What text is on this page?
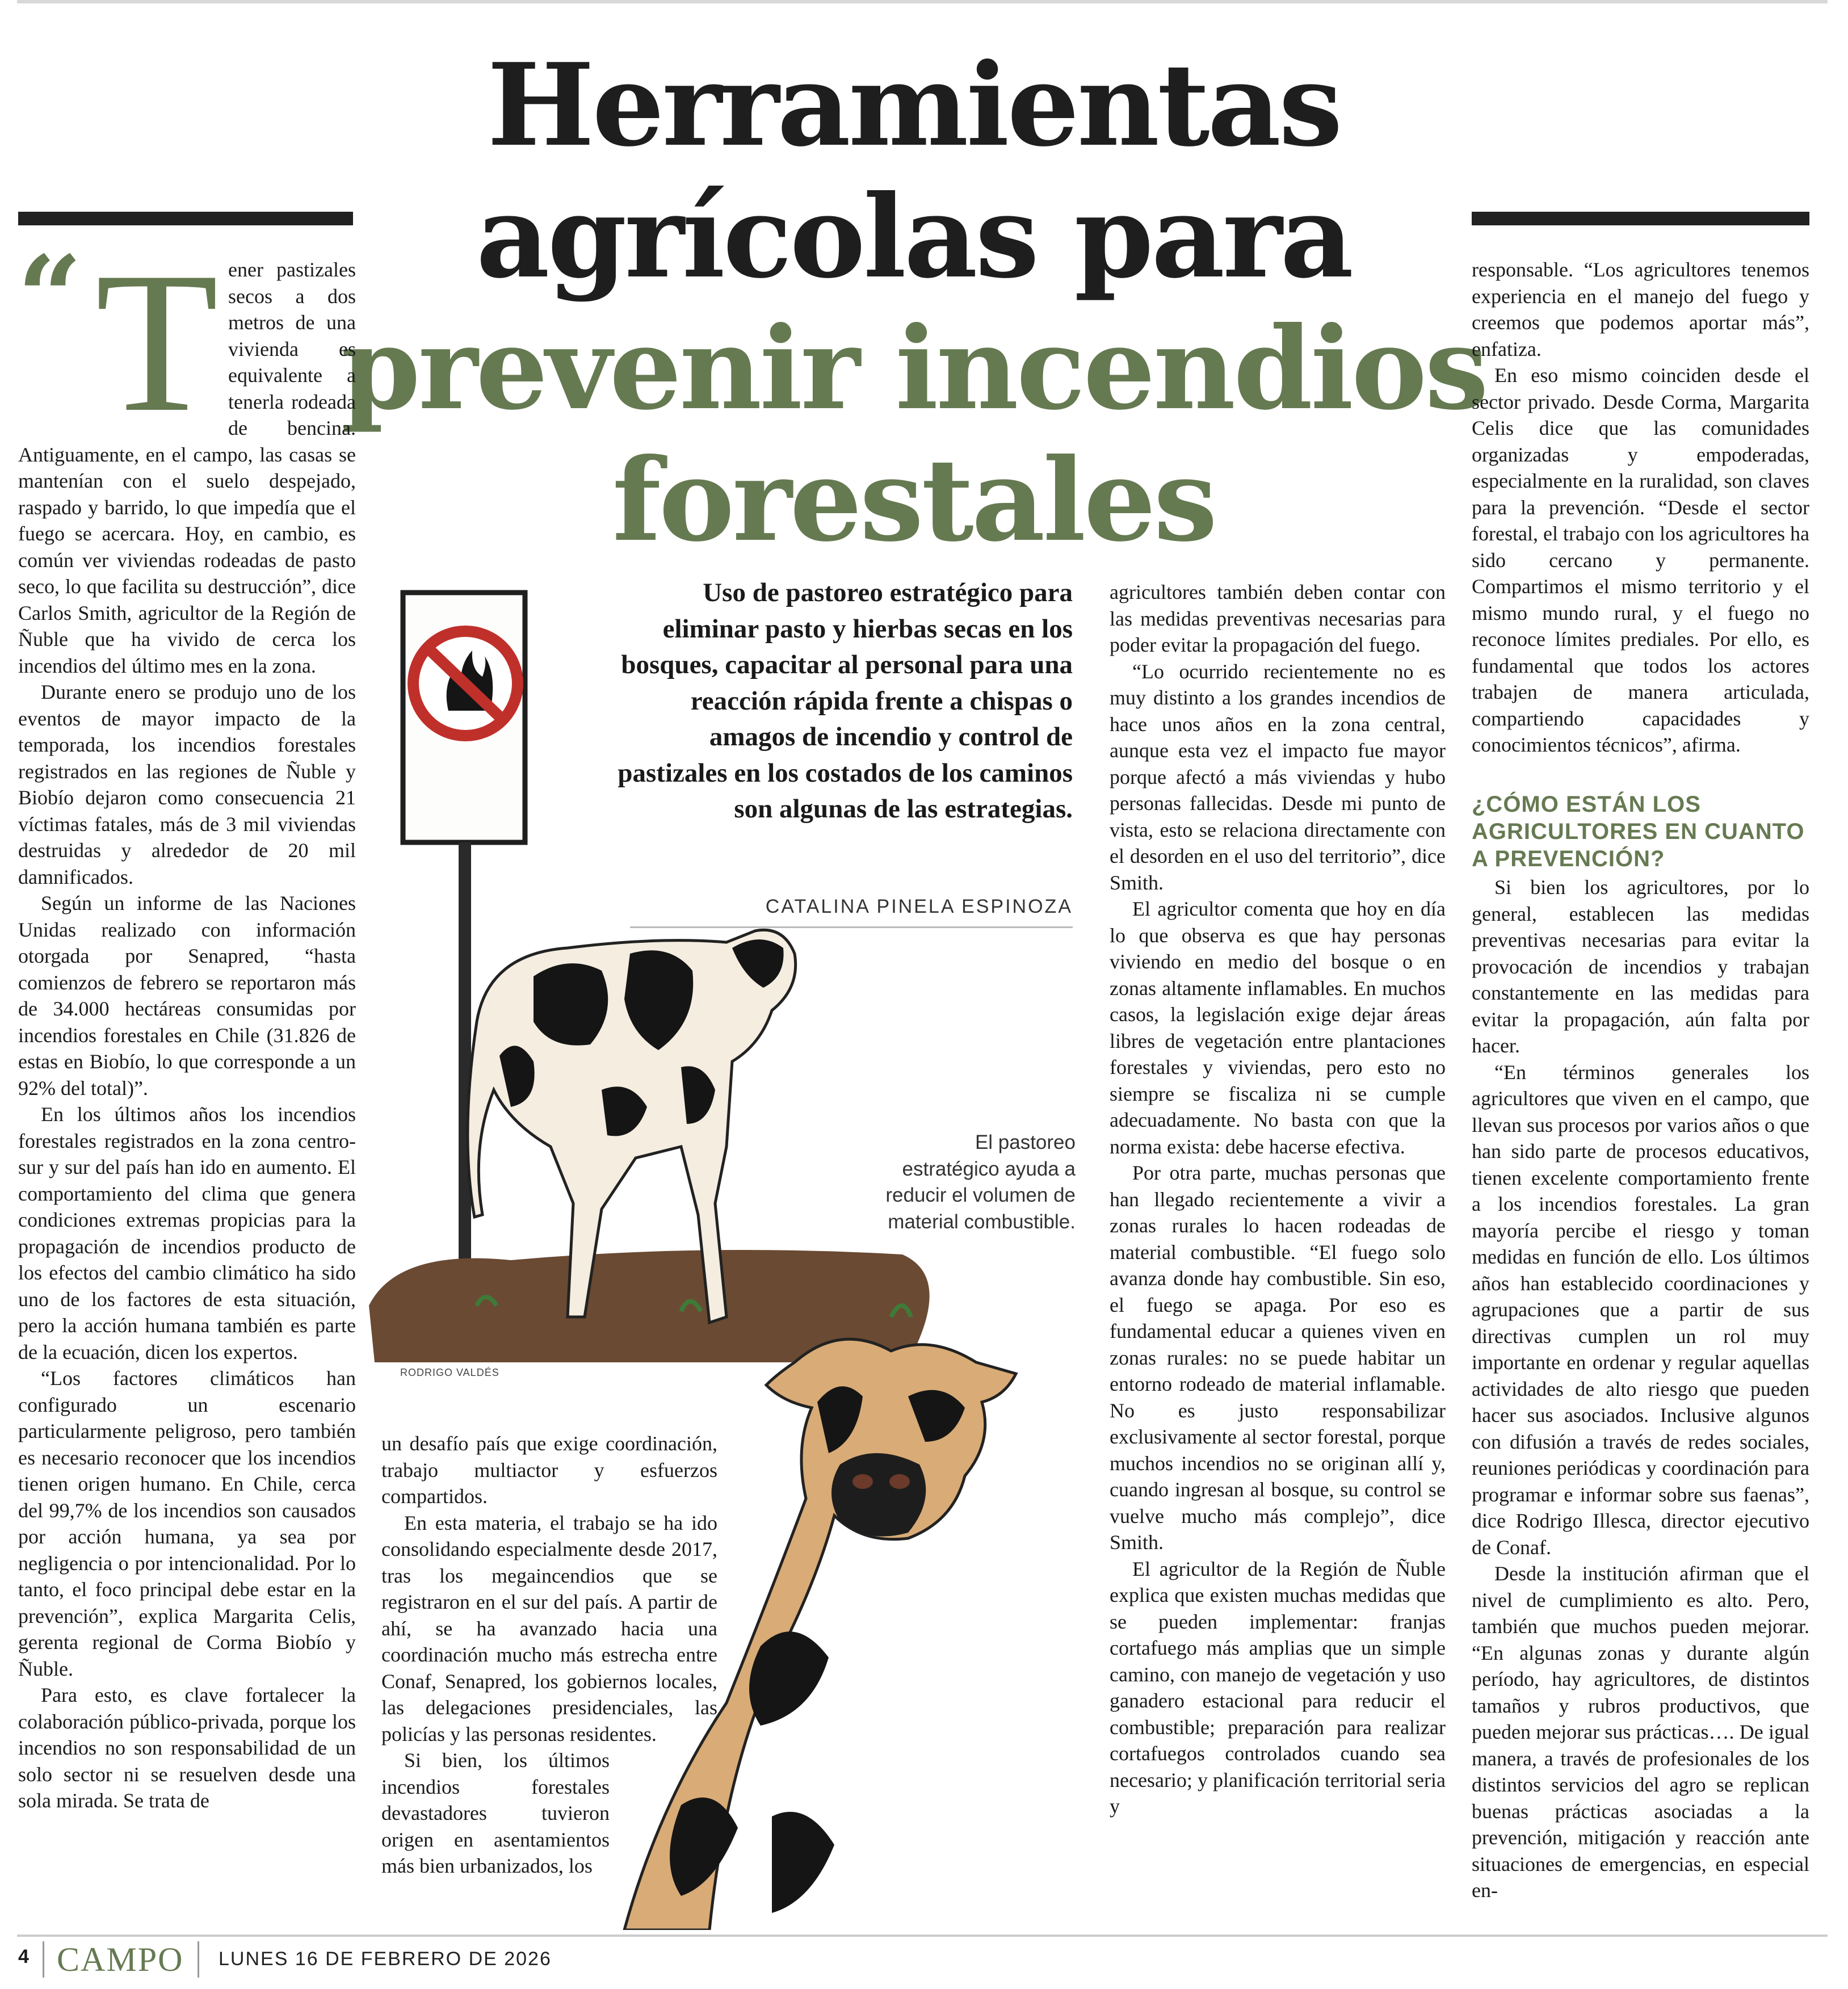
Herramientas
agrícolas para
prevenir incendios
forestales
“ T ener pastizales secos a dos metros de una vivienda es equivalente a tenerla rodeada de bencina. Antiguamente, en el campo, las casas se mantenían con el suelo despejado, raspado y barrido, lo que impedía que el fuego se acercara. Hoy, en cambio, es común ver viviendas rodeadas de pasto seco, lo que facilita su destrucción”, dice Carlos Smith, agricultor de la Región de Ñuble que ha vivido de cerca los incendios del último mes en la zona.

Durante enero se produjo uno de los eventos de mayor impacto de la temporada, los incendios forestales registrados en las regiones de Ñuble y Biobío dejaron como consecuencia 21 víctimas fatales, más de 3 mil viviendas destruidas y alrededor de 20 mil damnificados.

Según un informe de las Naciones Unidas realizado con información otorgada por Senapred, “hasta comienzos de febrero se reportaron más de 34.000 hectáreas consumidas por incendios forestales en Chile (31.826 de estas en Biobío, lo que corresponde a un 92% del total)”.

En los últimos años los incendios forestales registrados en la zona centro-sur y sur del país han ido en aumento. El comportamiento del clima que genera condiciones extremas propicias para la propagación de incendios producto de los efectos del cambio climático ha sido uno de los factores de esta situación, pero la acción humana también es parte de la ecuación, dicen los expertos.

“Los factores climáticos han configurado un escenario particularmente peligroso, pero también es necesario reconocer que los incendios tienen origen humano. En Chile, cerca del 99,7% de los incendios son causados por acción humana, ya sea por negligencia o por intencionalidad. Por lo tanto, el foco principal debe estar en la prevención”, explica Margarita Celis, gerenta regional de Corma Biobío y Ñuble.

Para esto, es clave fortalecer la colaboración público-privada, porque los incendios no son responsabilidad de un solo sector ni se resuelven desde una sola mirada. Se trata de

Uso de pastoreo estratégico para eliminar pasto y hierbas secas en los bosques, capacitar al personal para una reacción rápida frente a chispas o amagos de incendio y control de pastizales en los costados de los caminos son algunas de las estrategias.
CATALINA PINELA ESPINOZA
El pastoreo estratégico ayuda a reducir el volumen de material combustible.
RODRIGO VALDÉS

un desafío país que exige coordinación, trabajo multiactor y esfuerzos compartidos.

En esta materia, el trabajo se ha ido consolidando especialmente desde 2017, tras los megaincendios que se registraron en el sur del país. A partir de ahí, se ha avanzado hacia una coordinación mucho más estrecha entre Conaf, Senapred, los gobiernos locales, las delegaciones presidenciales, las policías y las personas residentes.

Si bien, los últimos incendios forestales devastadores tuvieron origen en asentamientos más bien urbanizados, los

agricultores también deben contar con las medidas preventivas necesarias para poder evitar la propagación del fuego.

“Lo ocurrido recientemente no es muy distinto a los grandes incendios de hace unos años en la zona central, aunque esta vez el impacto fue mayor porque afectó a más viviendas y hubo personas fallecidas. Desde mi punto de vista, esto se relaciona directamente con el desorden en el uso del territorio”, dice Smith.

El agricultor comenta que hoy en día lo que observa es que hay personas viviendo en medio del bosque o en zonas altamente inflamables. En muchos casos, la legislación exige dejar áreas libres de vegetación entre plantaciones forestales y viviendas, pero esto no siempre se fiscaliza ni se cumple adecuadamente. No basta con que la norma exista: debe hacerse efectiva.

Por otra parte, muchas personas que han llegado recientemente a vivir a zonas rurales lo hacen rodeadas de material combustible. “El fuego solo avanza donde hay combustible. Sin eso, el fuego se apaga. Por eso es fundamental educar a quienes viven en zonas rurales: no se puede habitar un entorno rodeado de material inflamable. No es justo responsabilizar exclusivamente al sector forestal, porque muchos incendios no se originan allí y, cuando ingresan al bosque, su control se vuelve mucho más complejo”, dice Smith.

El agricultor de la Región de Ñuble explica que existen muchas medidas que se pueden implementar: franjas cortafuego más amplias que un simple camino, con manejo de vegetación y uso ganadero estacional para reducir el combustible; preparación para realizar cortafuegos controlados cuando sea necesario; y planificación territorial seria y

responsable. “Los agricultores tenemos experiencia en el manejo del fuego y creemos que podemos aportar más”, enfatiza.

En eso mismo coinciden desde el sector privado. Desde Corma, Margarita Celis dice que las comunidades organizadas y empoderadas, especialmente en la ruralidad, son claves para la prevención. “Desde el sector forestal, el trabajo con los agricultores ha sido cercano y permanente. Compartimos el mismo territorio y el mismo mundo rural, y el fuego no reconoce límites prediales. Por ello, es fundamental que todos los actores trabajen de manera articulada, compartiendo capacidades y conocimientos técnicos”, afirma.

¿CÓMO ESTÁN LOS AGRICULTORES EN CUANTO A PREVENCIÓN?

Si bien los agricultores, por lo general, establecen las medidas preventivas necesarias para evitar la provocación de incendios y trabajan constantemente en las medidas para evitar la propagación, aún falta por hacer.

“En términos generales los agricultores que viven en el campo, que llevan sus procesos por varios años o que han sido parte de procesos educativos, tienen excelente comportamiento frente a los incendios forestales. La gran mayoría percibe el riesgo y toman medidas en función de ello. Los últimos años han establecido coordinaciones y agrupaciones que a partir de sus directivas cumplen un rol muy importante en ordenar y regular aquellas actividades de alto riesgo que pueden hacer sus asociados. Inclusive algunos con difusión a través de redes sociales, reuniones periódicas y coordinación para programar e informar sobre sus faenas”, dice Rodrigo Illesca, director ejecutivo de Conaf.

Desde la institución afirman que el nivel de cumplimiento es alto. Pero, también que muchos pueden mejorar. “En algunas zonas y durante algún período, hay agricultores, de distintos tamaños y rubros productivos, que pueden mejorar sus prácticas…. De igual manera, a través de profesionales de los distintos servicios del agro se replican buenas prácticas asociadas a la prevención, mitigación y reacción ante situaciones de emergencias, en especial en-

4 CAMPO LUNES 16 DE FEBRERO DE 2026
